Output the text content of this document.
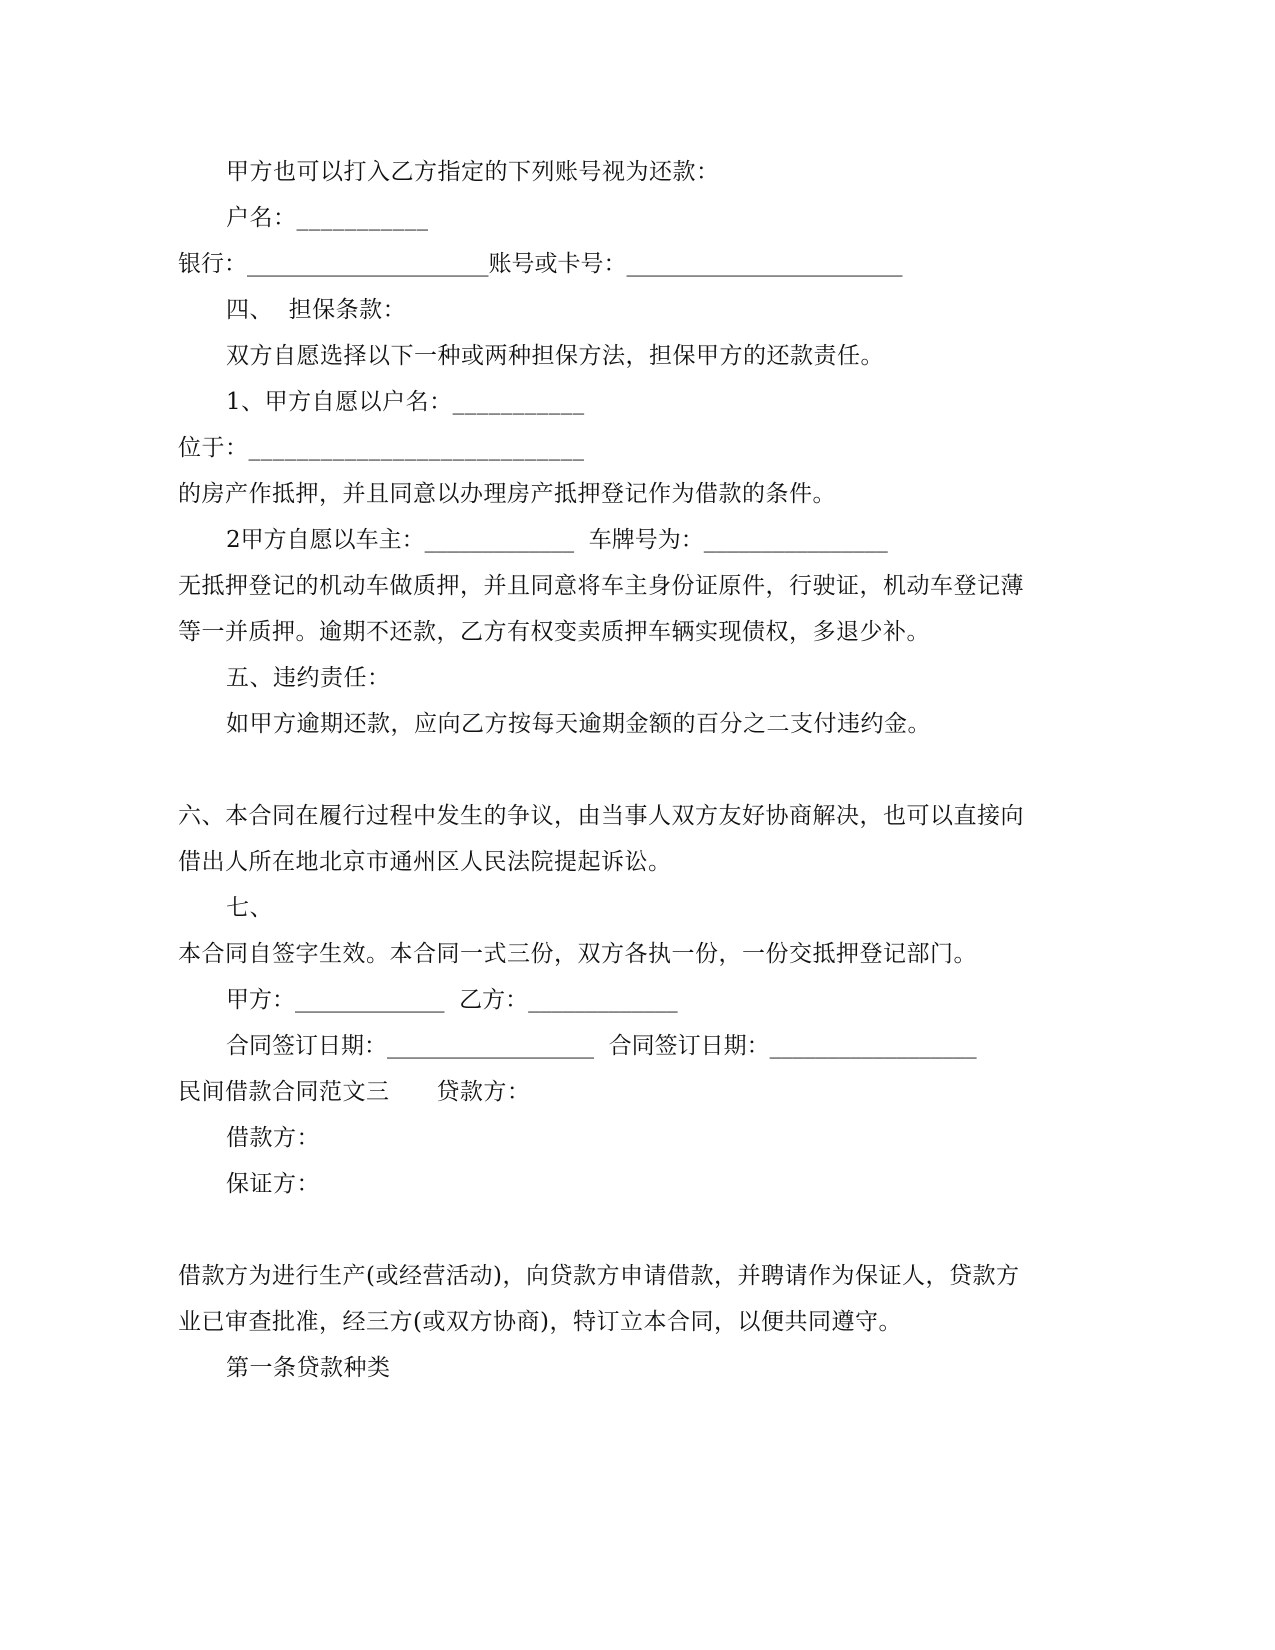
甲方也可以打入乙方指定的下列账号视为还款：
户名：___________
银行：_____________________账号或卡号：________________________
四、  担保条款：
双方自愿选择以下一种或两种担保方法，担保甲方的还款责任。
1、甲方自愿以户名：___________
位于：____________________________
的房产作抵押，并且同意以办理房产抵押登记作为借款的条件。
2甲方自愿以车主：_____________  车牌号为：________________
无抵押登记的机动车做质押，并且同意将车主身份证原件，行驶证，机动车登记薄
等一并质押。逾期不还款，乙方有权变卖质押车辆实现债权，多退少补。
五、违约责任：
如甲方逾期还款，应向乙方按每天逾期金额的百分之二支付违约金。
六、本合同在履行过程中发生的争议，由当事人双方友好协商解决，也可以直接向
借出人所在地北京市通州区人民法院提起诉讼。
七、
本合同自签字生效。本合同一式三份，双方各执一份，一份交抵押登记部门。
甲方：_____________  乙方：_____________
合同签订日期：__________________  合同签订日期：__________________
民间借款合同范文三      贷款方：
借款方：
保证方：
借款方为进行生产(或经营活动)，向贷款方申请借款，并聘请作为保证人，贷款方
业已审查批准，经三方(或双方协商)，特订立本合同，以便共同遵守。
第一条贷款种类
